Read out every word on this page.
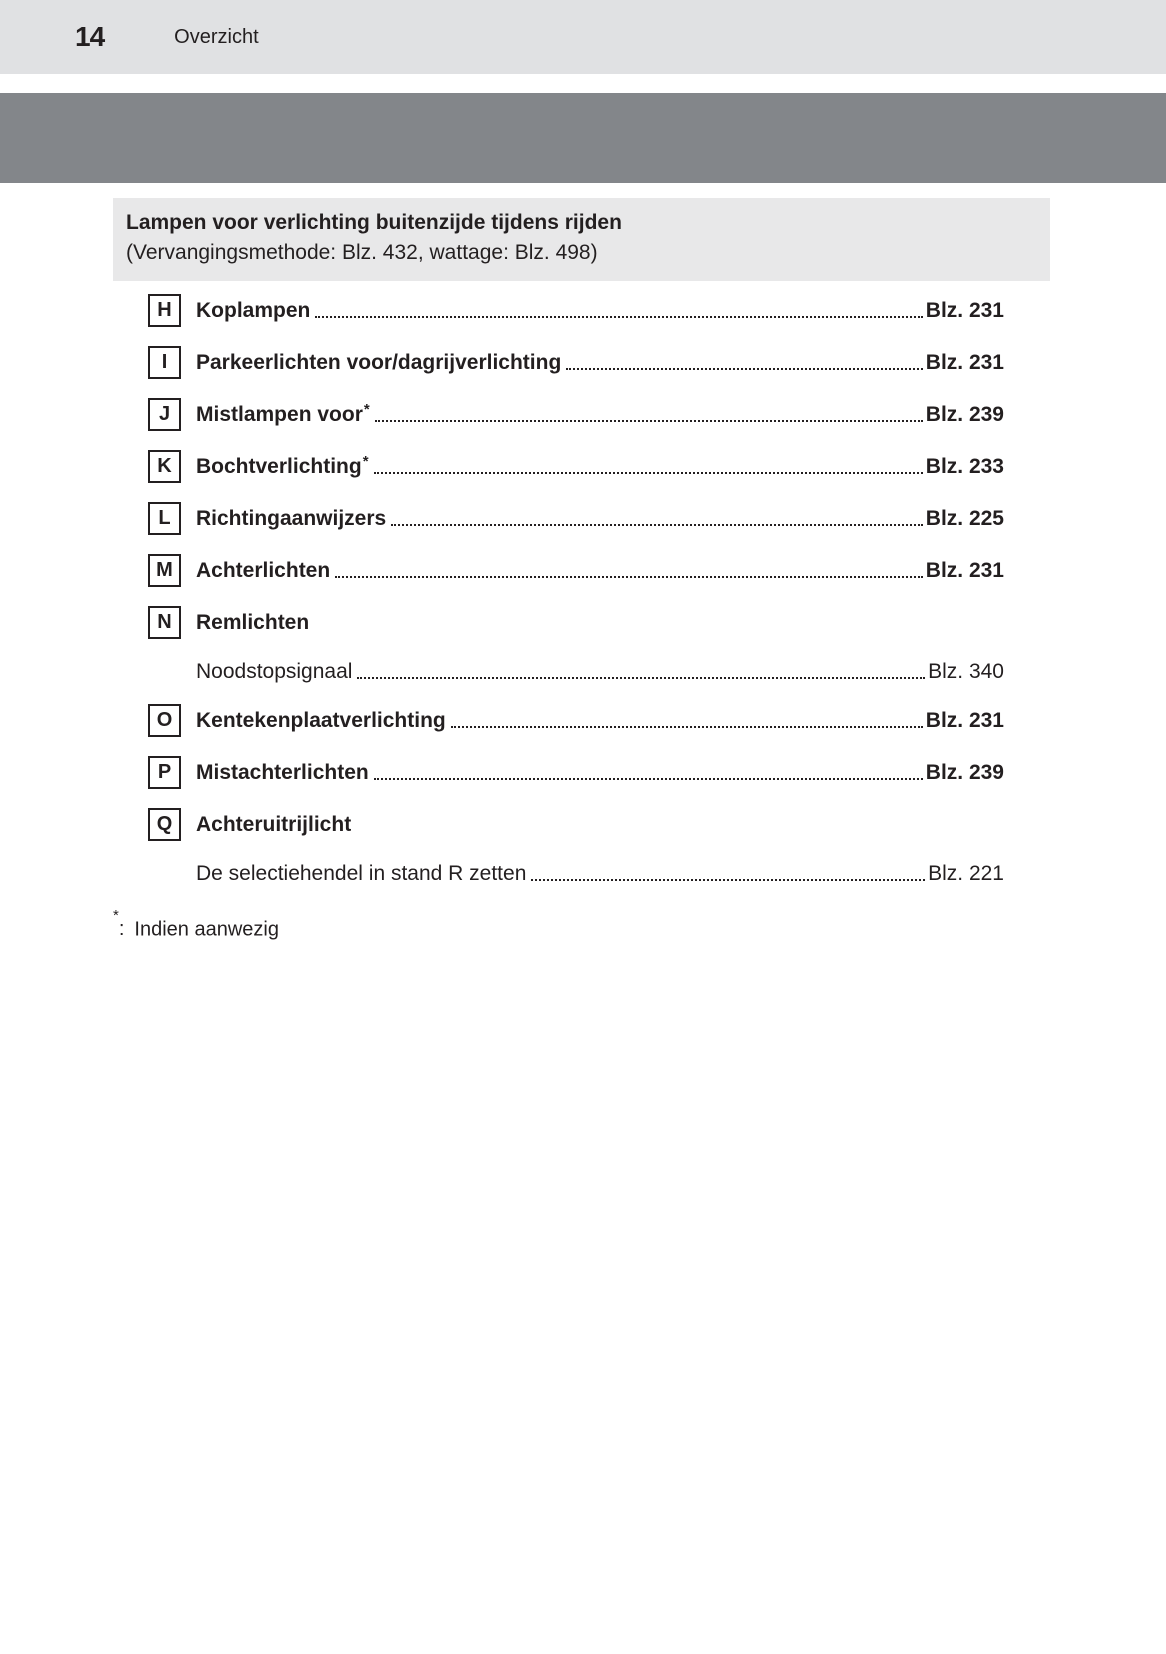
14	Overzicht
Lampen voor verlichting buitenzijde tijdens rijden
(Vervangingsmethode: Blz. 432, wattage: Blz. 498)
H	Koplampen	Blz. 231
I	Parkeerlichten voor/dagrijverlichting	Blz. 231
J	Mistlampen voor*	Blz. 239
K	Bochtverlichting*	Blz. 233
L	Richtingaanwijzers	Blz. 225
M	Achterlichten	Blz. 231
N	Remlichten
Noodstopsignaal	Blz. 340
O	Kentekenplaatverlichting	Blz. 231
P	Mistachterlichten	Blz. 239
Q	Achteruitrijlicht
De selectiehendel in stand R zetten	Blz. 221
*: Indien aanwezig
